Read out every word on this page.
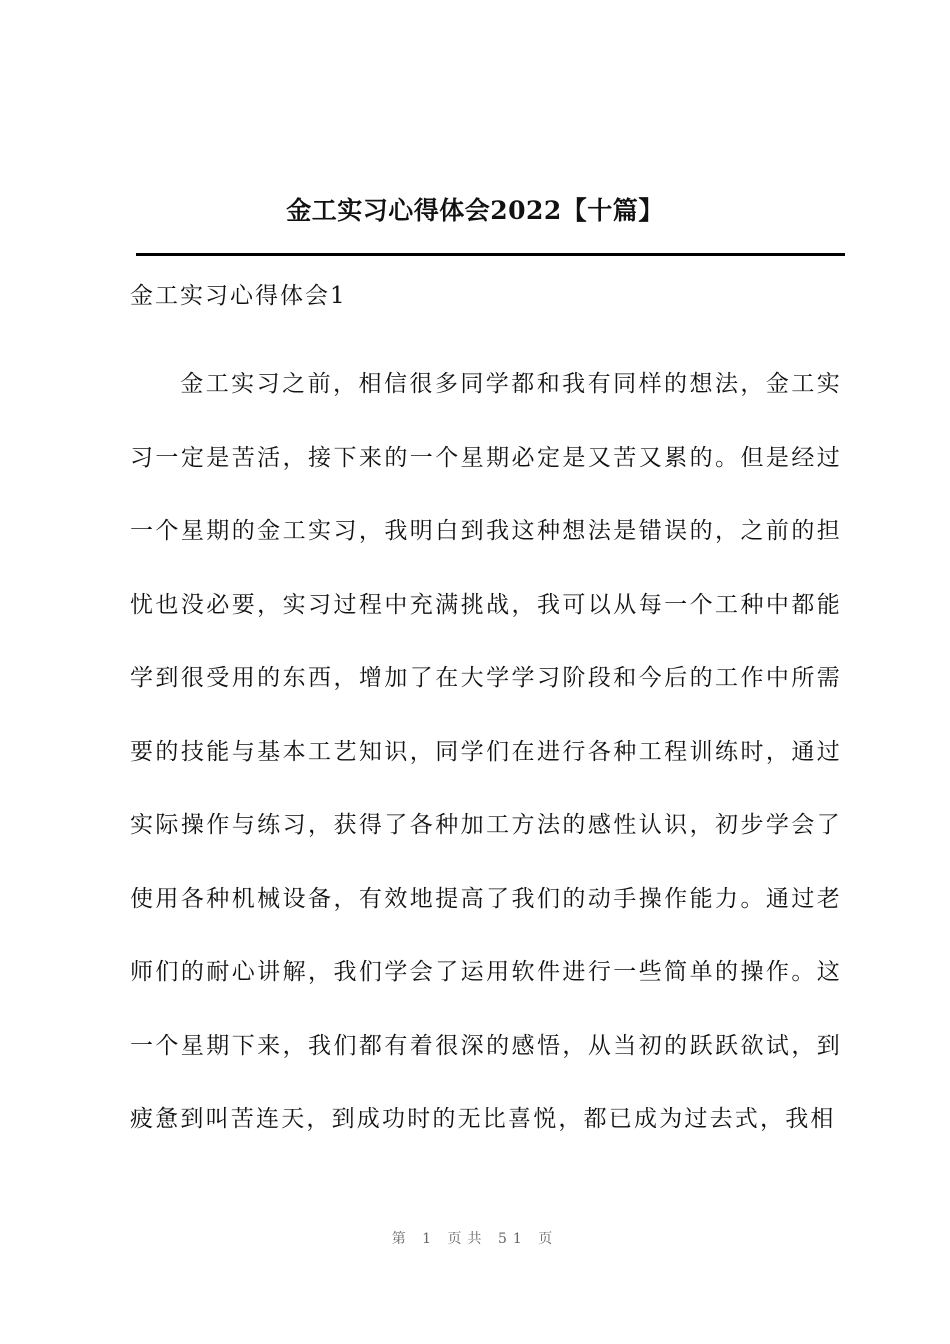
金工实习心得体会2022【十篇】
金工实习心得体会1

金工实习之前，相信很多同学都和我有同样的想法，金工实习一定是苦活，接下来的一个星期必定是又苦又累的。但是经过一个星期的金工实习，我明白到我这种想法是错误的，之前的担忧也没必要，实习过程中充满挑战，我可以从每一个工种中都能学到很受用的东西，增加了在大学学习阶段和今后的工作中所需要的技能与基本工艺知识，同学们在进行各种工程训练时，通过实际操作与练习，获得了各种加工方法的感性认识，初步学会了使用各种机械设备，有效地提高了我们的动手操作能力。通过老师们的耐心讲解，我们学会了运用软件进行一些简单的操作。这一个星期下来，我们都有着很深的感悟，从当初的跃跃欲试，到疲惫到叫苦连天，到成功时的无比喜悦，都已成为过去式，我相

第 1 页共 51 页
